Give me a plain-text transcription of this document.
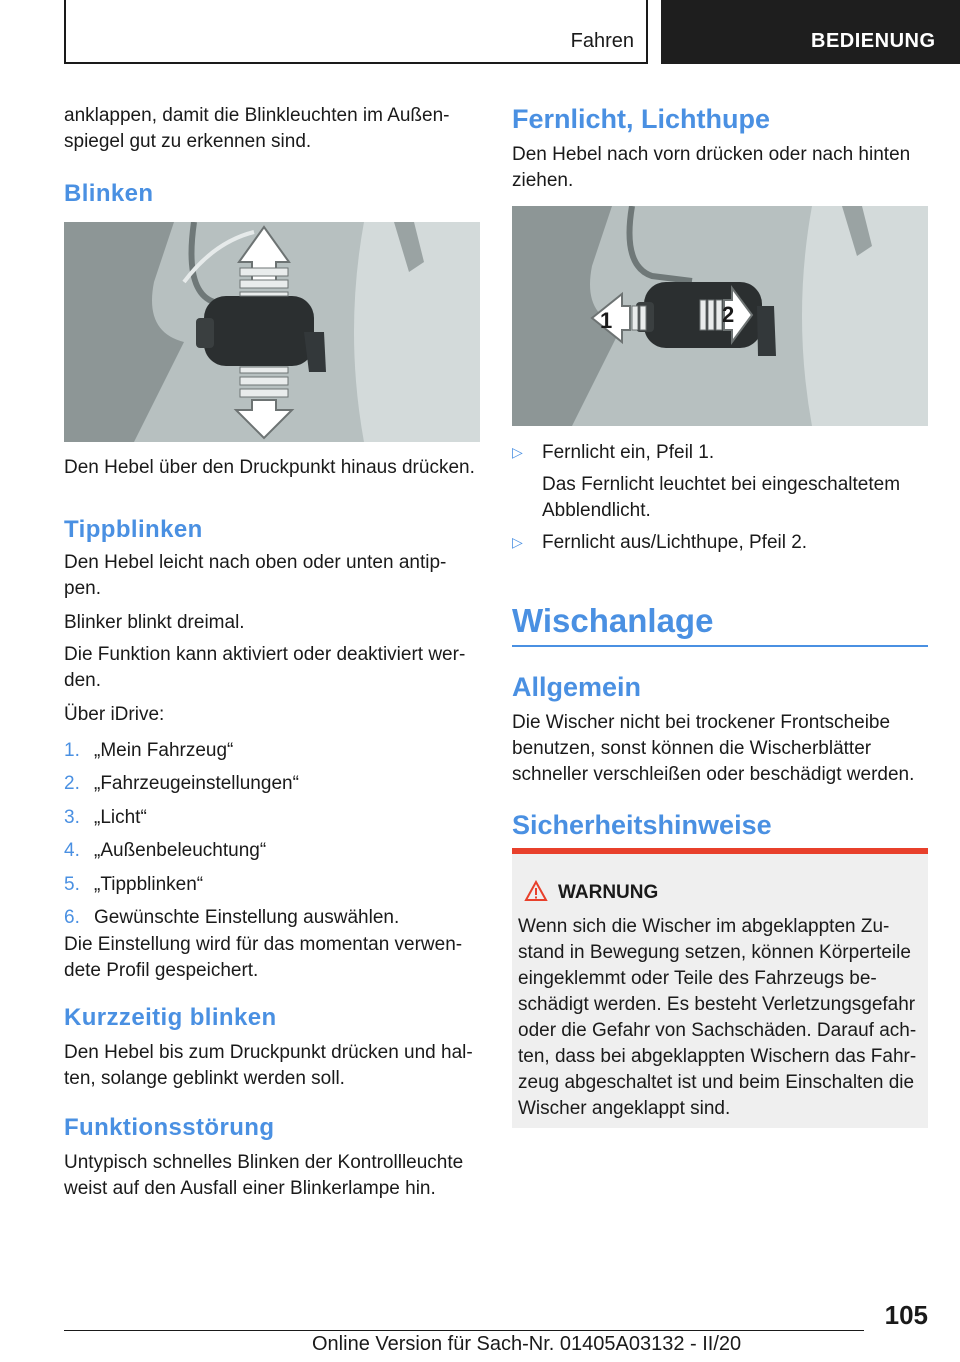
Fahren	BEDIENUNG

anklappen, damit die Blinkleuchten im Außen‐

spiegel gut zu erkennen sind.

Blinken

Den Hebel über den Druckpunkt hinaus drücken.

Tippblinken

Den Hebel leicht nach oben oder unten antip‐

pen.

Blinker blinkt dreimal.

Die Funktion kann aktiviert oder deaktiviert wer‐

den.

Über iDrive:

1. „Mein Fahrzeug“
2. „Fahrzeugeinstellungen“
3. „Licht“
4. „Außenbeleuchtung“
5. „Tippblinken“
6. Gewünschte Einstellung auswählen.

Die Einstellung wird für das momentan verwen‐

dete Profil gespeichert.

Kurzzeitig blinken

Den Hebel bis zum Druckpunkt drücken und hal‐

ten, solange geblinkt werden soll.

Funktionsstörung

Untypisch schnelles Blinken der Kontrollleuchte

weist auf den Ausfall einer Blinkerlampe hin.

Fernlicht, Lichthupe

Den Hebel nach vorn drücken oder nach hinten

ziehen.

1	2
▷	Fernlicht ein, Pfeil 1.

Das Fernlicht leuchtet bei eingeschaltetem

Abblendlicht.

▷	Fernlicht aus/Lichthupe, Pfeil 2.

Wischanlage
Allgemein

Die Wischer nicht bei trockener Frontscheibe

benutzen, sonst können die Wischerblätter

schneller verschleißen oder beschädigt werden.

Sicherheitshinweise
WARNUNG

Wenn sich die Wischer im abgeklappten Zu‐

stand in Bewegung setzen, können Körperteile

eingeklemmt oder Teile des Fahrzeugs be‐

schädigt werden. Es besteht Verletzungsgefahr

oder die Gefahr von Sachschäden. Darauf ach‐

ten, dass bei abgeklappten Wischern das Fahr‐

zeug abgeschaltet ist und beim Einschalten die

Wischer angeklappt sind.

105
Online Version für Sach-Nr. 01405A03132 - II/20
